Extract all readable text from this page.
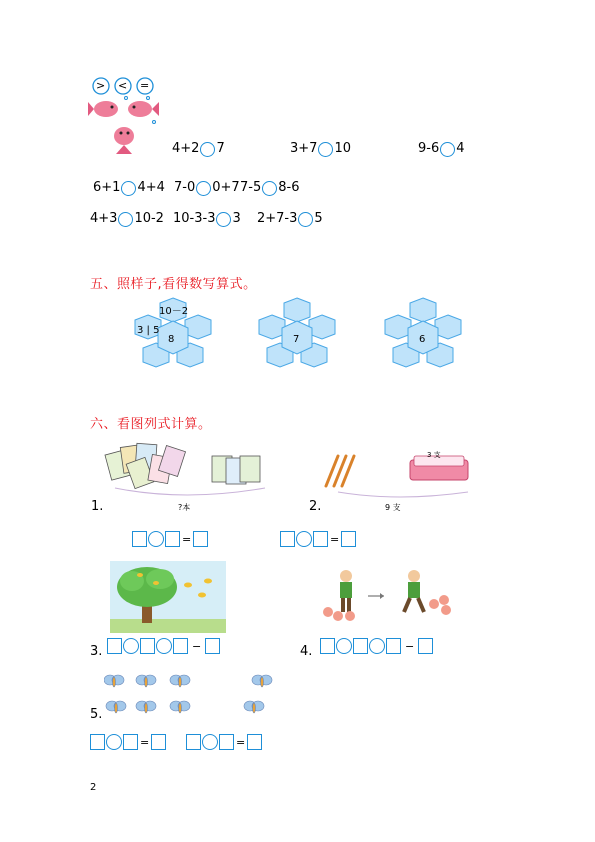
> < =
4+2 7	3+7 10	9-6 4
6+1 4+4 7-0 0+7 7-5 8-6
4+3 10-2 10-3-3 3 2+7-3 5
五、照样子,看得数写算式。
10－2
3 | 5
8	7	6
六、看图列式计算。
?本
1.
3 支
9 支
2.
=	=
3.	−	4.	−
5.
=	=
2
